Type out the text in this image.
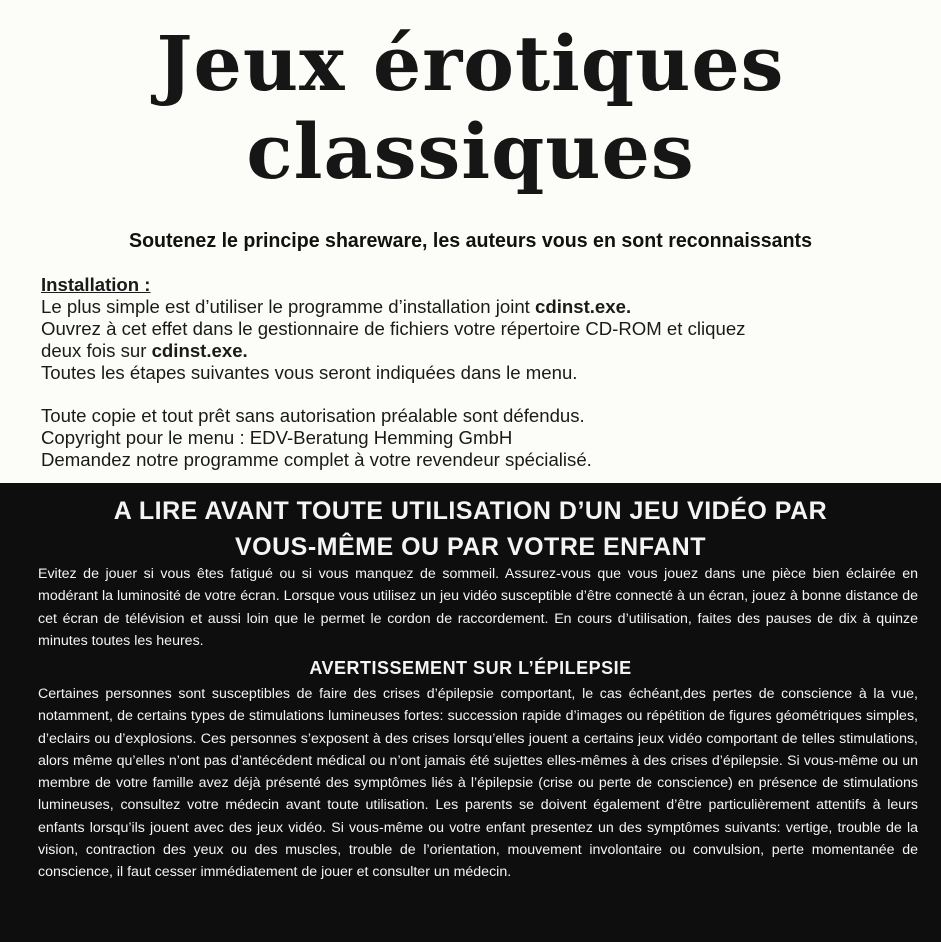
Jeux érotiques
classiques
Soutenez le principe shareware, les auteurs vous en sont reconnaissants

Installation :

Le plus simple est d’utiliser le programme d’installation joint cdinst.exe.

Ouvrez à cet effet dans le gestionnaire de fichiers votre répertoire CD-ROM et cliquez

deux fois sur cdinst.exe.

Toutes les étapes suivantes vous seront indiquées dans le menu.

Toute copie et tout prêt sans autorisation préalable sont défendus.

Copyright pour le menu : EDV-Beratung Hemming GmbH

Demandez notre programme complet à votre revendeur spécialisé.

A LIRE AVANT TOUTE UTILISATION D’UN JEU VIDÉO PAR
VOUS-MÊME OU PAR VOTRE ENFANT
Evitez de jouer si vous êtes fatigué ou si vous manquez de sommeil. Assurez-vous que vous jouez dans une pièce bien éclairée en modérant la luminosité de votre écran. Lorsque vous utilisez un jeu vidéo susceptible d’être connecté à un écran, jouez à bonne distance de cet écran de télévision et aussi loin que le permet le cordon de raccordement. En cours d’utilisation, faites des pauses de dix à quinze minutes toutes les heures.
AVERTISSEMENT SUR L’ÉPILEPSIE
Certaines personnes sont susceptibles de faire des crises d’épilepsie comportant, le cas échéant,des pertes de conscience à la vue, notamment, de certains types de stimulations lumineuses fortes: succession rapide d’images ou répétition de figures géométriques simples, d’eclairs ou d’explosions. Ces personnes s’exposent à des crises lorsqu’elles jouent a certains jeux vidéo comportant de telles stimulations, alors même qu’elles n’ont pas d’antécédent médical ou n’ont jamais été sujettes elles-mêmes à des crises d’épilepsie. Si vous-même ou un membre de votre famille avez déjà présenté des symptômes liés à l’épilepsie (crise ou perte de conscience) en présence de stimulations lumineuses, consultez votre médecin avant toute utilisation. Les parents se doivent également d’être particulièrement attentifs à leurs enfants lorsqu’ils jouent avec des jeux vidéo. Si vous-même ou votre enfant presentez un des symptômes suivants: vertige, trouble de la vision, contraction des yeux ou des muscles, trouble de l’orientation, mouvement involontaire ou convulsion, perte momentanée de conscience, il faut cesser immédiatement de jouer et consulter un médecin.
